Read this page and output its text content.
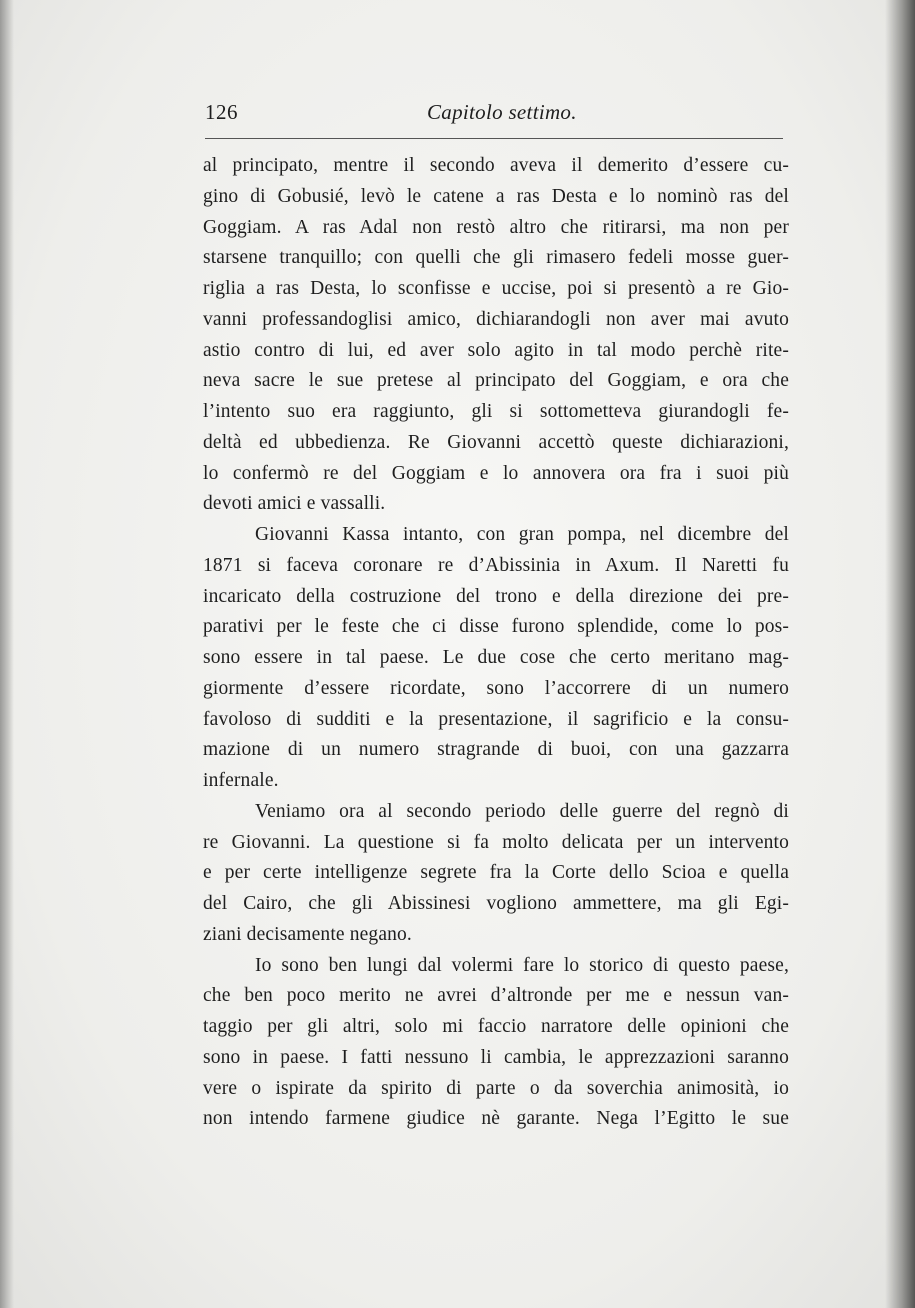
126	Capitolo settimo.
al principato, mentre il secondo aveva il demerito d’essere cu-
gino di Gobusié, levò le catene a ras Desta e lo nominò ras del
Goggiam. A ras Adal non restò altro che ritirarsi, ma non per
starsene tranquillo; con quelli che gli rimasero fedeli mosse guer-
riglia a ras Desta, lo sconfisse e uccise, poi si presentò a re Gio-
vanni professandoglisi amico, dichiarandogli non aver mai avuto
astio contro di lui, ed aver solo agito in tal modo perchè rite-
neva sacre le sue pretese al principato del Goggiam, e ora che
l’intento suo era raggiunto, gli si sottometteva giurandogli fe-
deltà ed ubbedienza. Re Giovanni accettò queste dichiarazioni,
lo confermò re del Goggiam e lo annovera ora fra i suoi più
devoti amici e vassalli.
Giovanni Kassa intanto, con gran pompa, nel dicembre del
1871 si faceva coronare re d’Abissinia in Axum. Il Naretti fu
incaricato della costruzione del trono e della direzione dei pre-
parativi per le feste che ci disse furono splendide, come lo pos-
sono essere in tal paese. Le due cose che certo meritano mag-
giormente d’essere ricordate, sono l’accorrere di un numero
favoloso di sudditi e la presentazione, il sagrificio e la consu-
mazione di un numero stragrande di buoi, con una gazzarra
infernale.
Veniamo ora al secondo periodo delle guerre del regnò di
re Giovanni. La questione si fa molto delicata per un intervento
e per certe intelligenze segrete fra la Corte dello Scioa e quella
del Cairo, che gli Abissinesi vogliono ammettere, ma gli Egi-
ziani decisamente negano.
Io sono ben lungi dal volermi fare lo storico di questo paese,
che ben poco merito ne avrei d’altronde per me e nessun van-
taggio per gli altri, solo mi faccio narratore delle opinioni che
sono in paese. I fatti nessuno li cambia, le apprezzazioni saranno
vere o ispirate da spirito di parte o da soverchia animosità, io
non intendo farmene giudice nè garante. Nega l’Egitto le sue
